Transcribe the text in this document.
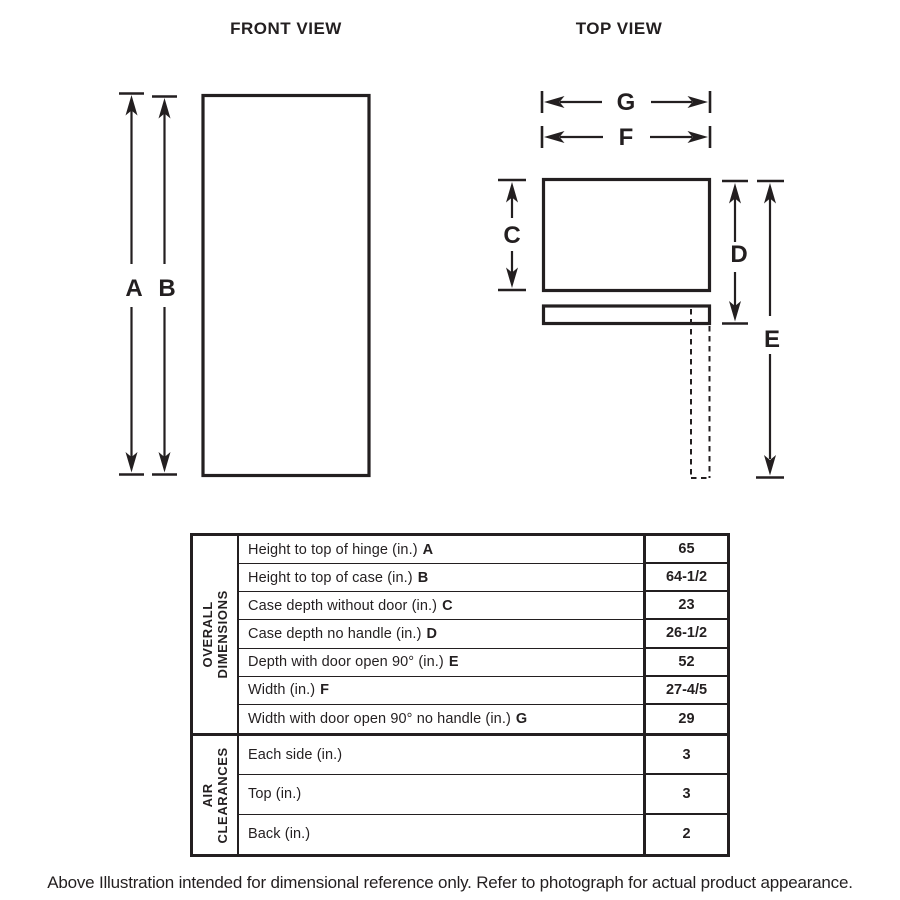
FRONT VIEW
A B
TOP VIEW
G
F
C
D
E
OVERALL DIMENSIONS
Height to top of hinge (in.) A	65
Height to top of case (in.) B	64-1/2
Case depth without door (in.) C	23
Case depth no handle (in.) D	26-1/2
Depth with door open 90° (in.) E	52
Width (in.) F	27-4/5
Width with door open 90° no handle (in.) G	29
AIR CLEARANCES Each side (in.)	3
Top (in.)	3
Back (in.)	2
Above Illustration intended for dimensional reference only. Refer to photograph for actual product appearance.
